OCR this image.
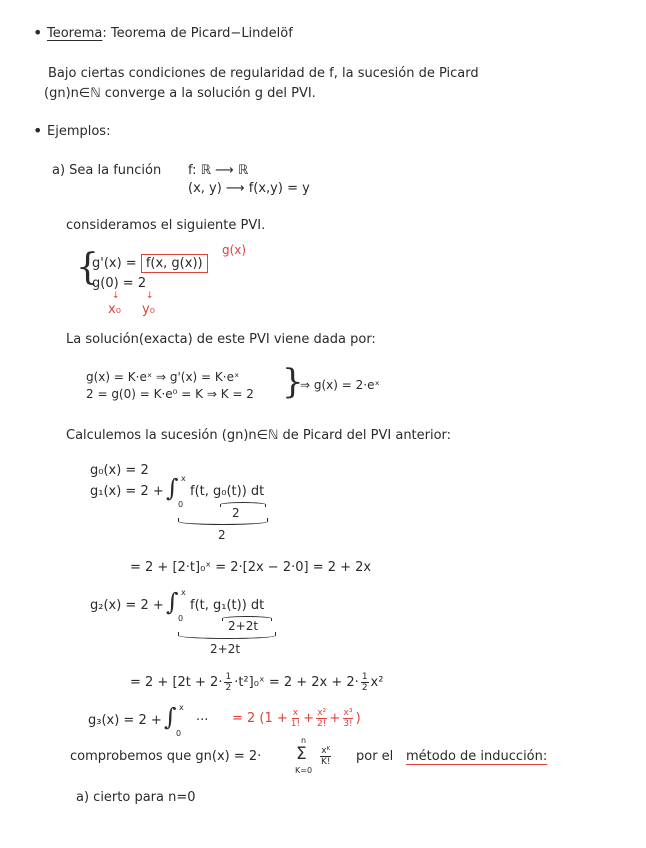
• Teorema: Teorema de Picard−Lindelöf
Bajo ciertas condiciones de regularidad de f, la sucesión de Picard
(gn)n∈ℕ converge a la solución g del PVI.
• Ejemplos:
a) Sea la función f: ℝ ⟶ ℝ
(x, y) ⟶ f(x,y) = y
consideramos el siguiente PVI.
{
g'(x) = f(x, g(x))
g(x)
g(0) = 2
↓	↓
x₀ y₀
La solución(exacta) de este PVI viene dada por:
g(x) = K·eˣ ⇒ g'(x) = K·eˣ
2 = g(0) = K·e⁰ = K ⇒ K = 2 }
⇒ g(x) = 2·eˣ
Calculemos la sucesión (gn)n∈ℕ de Picard del PVI anterior:
g₀(x) = 2
g₁(x) = 2 + ∫ x
0
f(t, g₀(t)) dt
2
2
= 2 + [2·t]₀ˣ = 2·[2x − 2·0] = 2 + 2x
g₂(x) = 2 + ∫ x
0
f(t, g₁(t)) dt
2+2t
2+2t
= $2 + [2t + 2\cdot \frac{1}{2}$ ·t²]₀ˣ = $2 + 2x + 2\cdot \frac{1}{2} x^2$
g₃(x) = 2 + ∫ x
0
··· = 2 ($1 + \frac{x}{1!} + \frac{\text{x²}}{2!} + \frac{\text{x³}}{3!}$ )
comprobemos que gn(x) = 2· Σ
n
K=0
$\frac{\text{xᴷ}}{K!}$ por el método de inducción:
a) cierto para n=0
